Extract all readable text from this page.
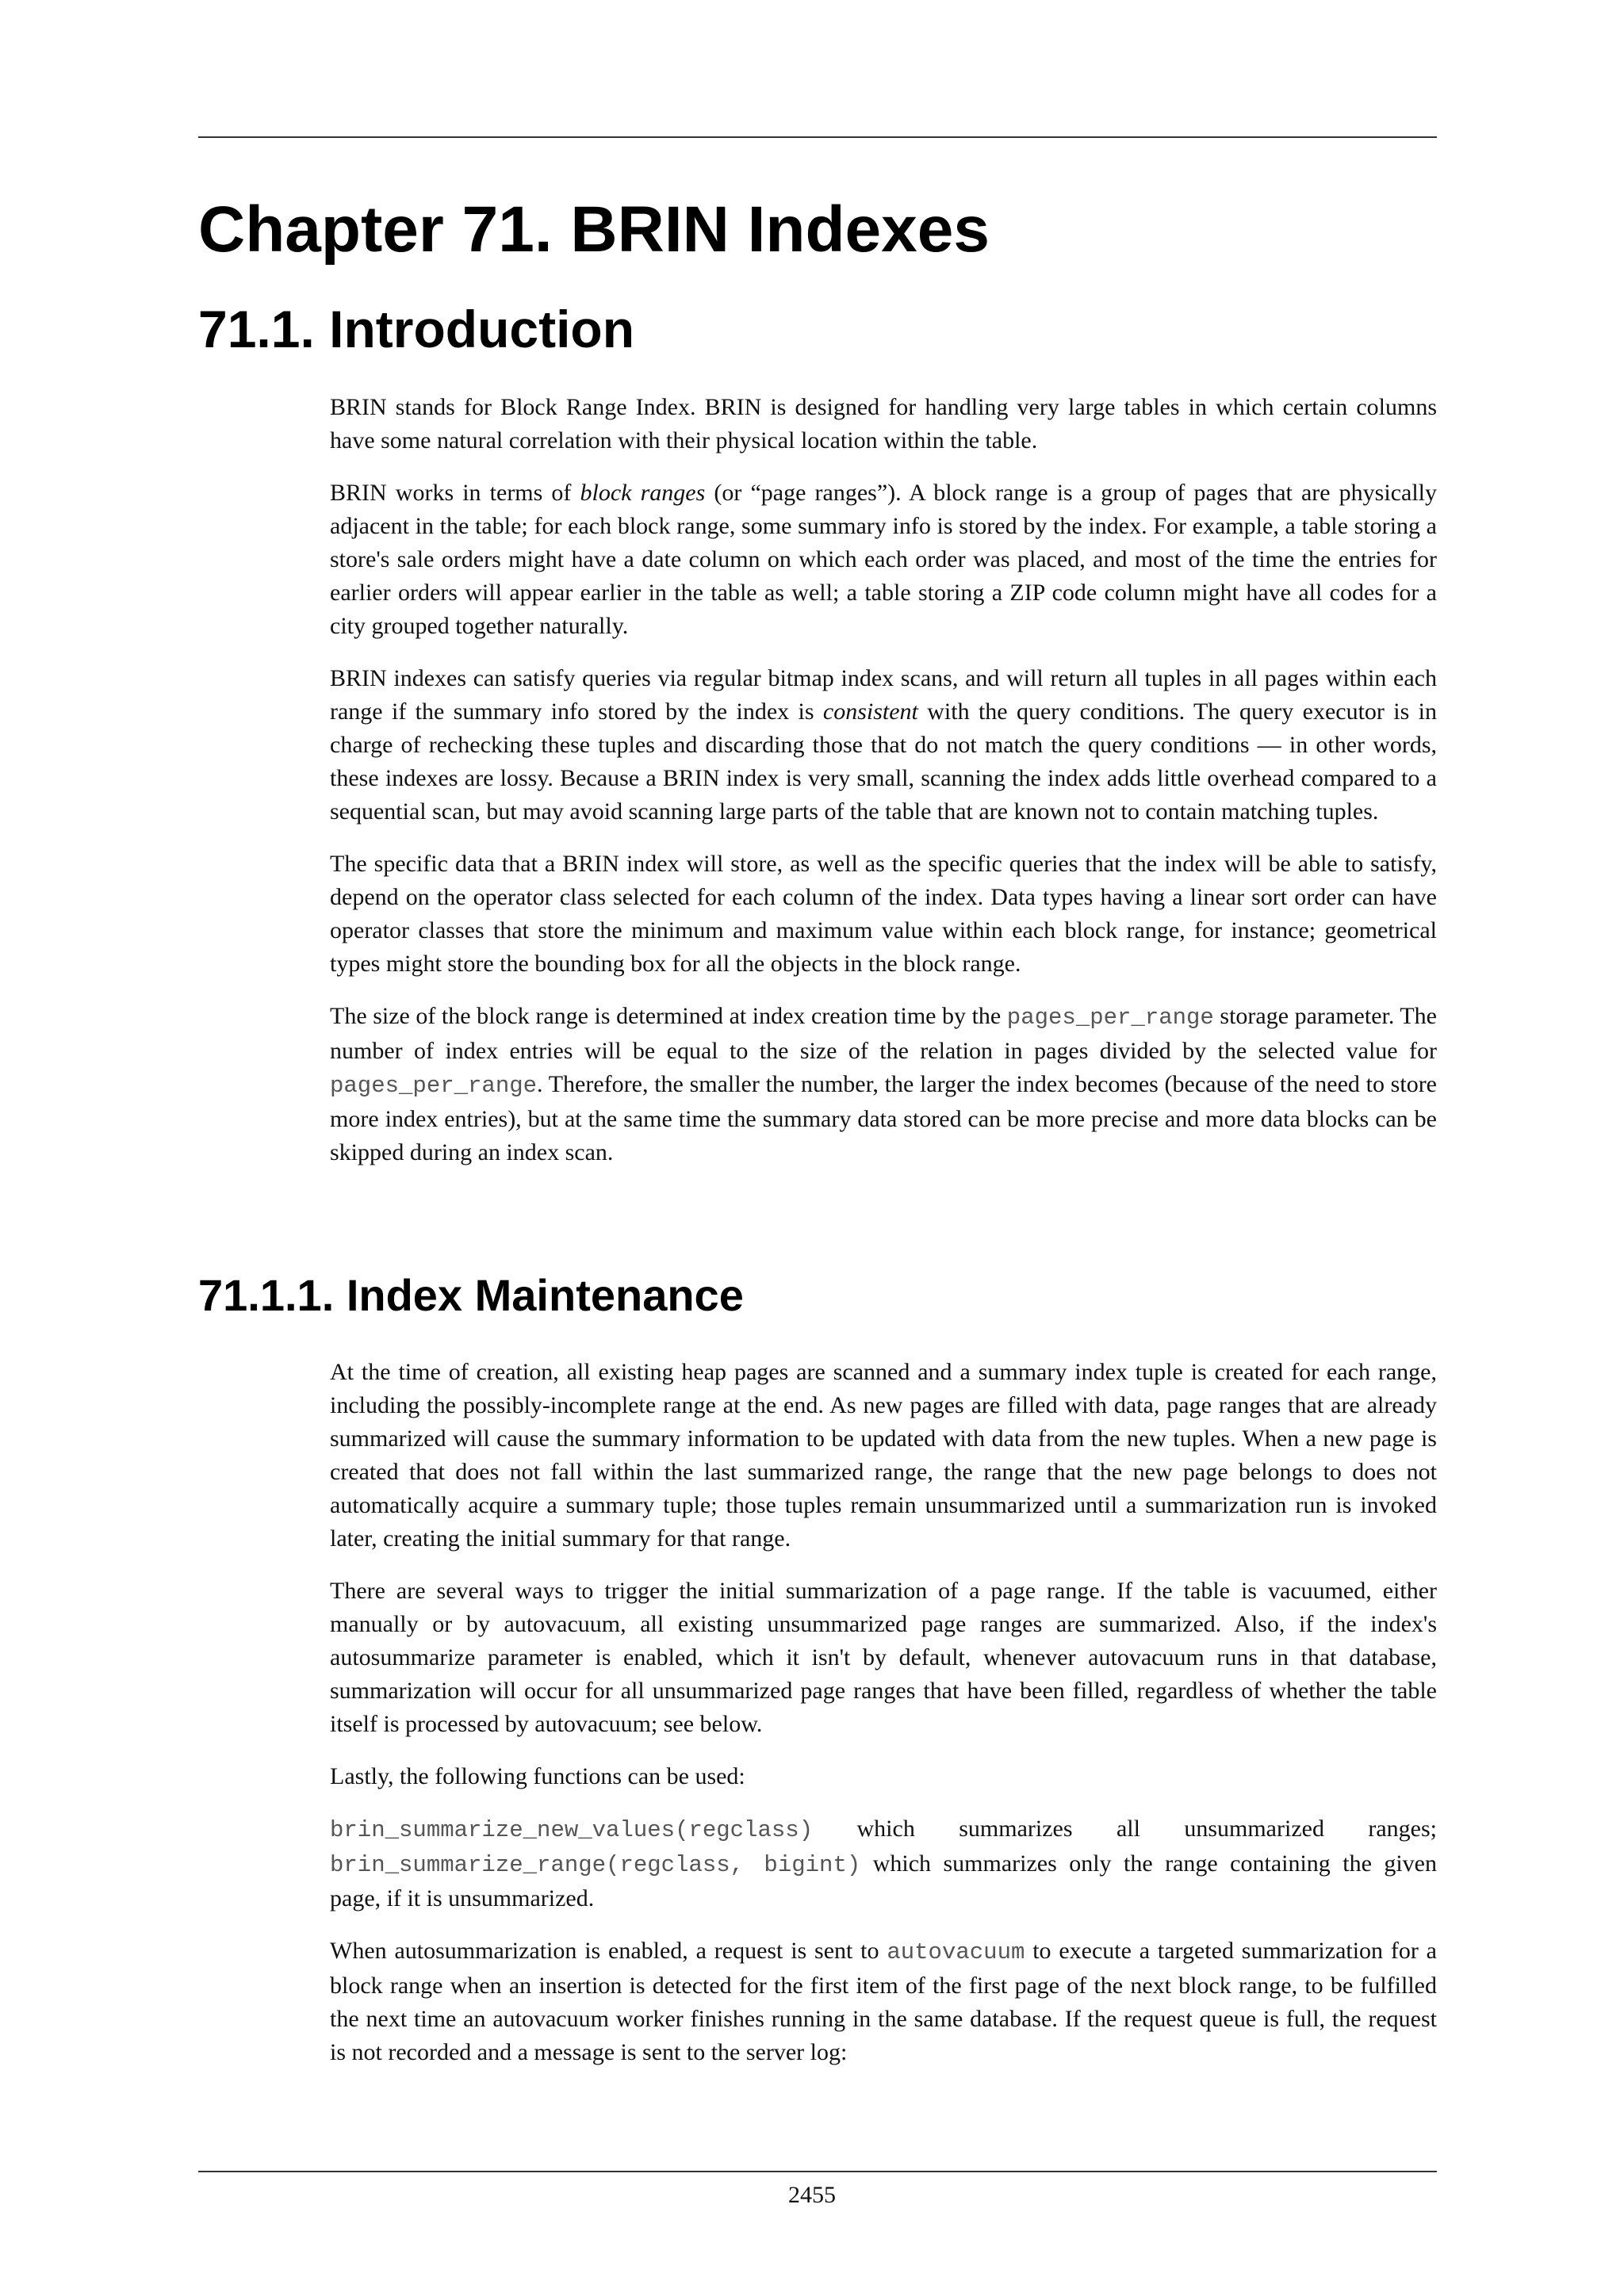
Chapter 71. BRIN Indexes
71.1. Introduction

BRIN stands for Block Range Index. BRIN is designed for handling very large tables in which certain columns have some natural correlation with their physical location within the table.

BRIN works in terms of block ranges (or “page ranges”). A block range is a group of pages that are physically adjacent in the table; for each block range, some summary info is stored by the index. For example, a table storing a store's sale orders might have a date column on which each order was placed, and most of the time the entries for earlier orders will appear earlier in the table as well; a table storing a ZIP code column might have all codes for a city grouped together naturally.

BRIN indexes can satisfy queries via regular bitmap index scans, and will return all tuples in all pages within each range if the summary info stored by the index is consistent with the query conditions. The query executor is in charge of rechecking these tuples and discarding those that do not match the query conditions — in other words, these indexes are lossy. Because a BRIN index is very small, scanning the index adds little overhead compared to a sequential scan, but may avoid scanning large parts of the table that are known not to contain matching tuples.

The specific data that a BRIN index will store, as well as the specific queries that the index will be able to satisfy, depend on the operator class selected for each column of the index. Data types having a linear sort order can have operator classes that store the minimum and maximum value within each block range, for instance; geometrical types might store the bounding box for all the objects in the block range.

The size of the block range is determined at index creation time by the pages_per_range storage parameter. The number of index entries will be equal to the size of the relation in pages divided by the selected value for pages_per_range. Therefore, the smaller the number, the larger the index becomes (because of the need to store more index entries), but at the same time the summary data stored can be more precise and more data blocks can be skipped during an index scan.

71.1.1. Index Maintenance

At the time of creation, all existing heap pages are scanned and a summary index tuple is created for each range, including the possibly-incomplete range at the end. As new pages are filled with data, page ranges that are already summarized will cause the summary information to be updated with data from the new tuples. When a new page is created that does not fall within the last summarized range, the range that the new page belongs to does not automatically acquire a summary tuple; those tuples remain unsummarized until a summarization run is invoked later, creating the initial summary for that range.

There are several ways to trigger the initial summarization of a page range. If the table is vacuumed, either manually or by autovacuum, all existing unsummarized page ranges are summarized. Also, if the index's autosummarize parameter is enabled, which it isn't by default, whenever autovacuum runs in that database, summarization will occur for all unsummarized page ranges that have been filled, regardless of whether the table itself is processed by autovacuum; see below.

Lastly, the following functions can be used:

brin_summarize_new_values(regclass) which summarizes all unsummarized ranges; brin_summarize_range(regclass, bigint) which summarizes only the range containing the given page, if it is unsummarized.

When autosummarization is enabled, a request is sent to autovacuum to execute a targeted summarization for a block range when an insertion is detected for the first item of the first page of the next block range, to be fulfilled the next time an autovacuum worker finishes running in the same database. If the request queue is full, the request is not recorded and a message is sent to the server log:

2455
